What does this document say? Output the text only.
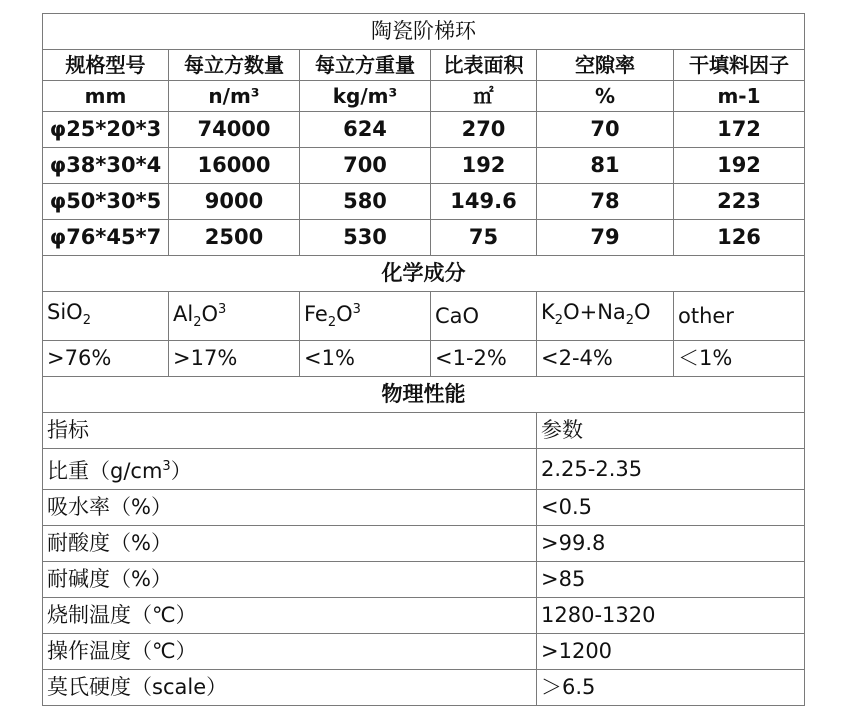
陶瓷阶梯环					
规格型号	每立方数量	每立方重量	比表面积	空隙率	干填料因子
mm	n/m³	kg/m³	㎡	%	m-1
φ25*20*3	74000	624	270	70	172
φ38*30*4	16000	700	192	81	192
φ50*30*5	9000	580	149.6	78	223
φ76*45*7	2500	530	75	79	126
化学成分					
SiO$_2$	$Al_2O^3$	$Fe_2O^3$	CaO	$K_2O+Na_2O$	other
>76%	>17%	<1%	<1-2%	<2-4%	＜1%
物理性能					
指标				参数	
比重$(g/cm^3)$				2.25-2.35	
吸水率（%）				<0.5	
耐酸度（%）				>99.8	
耐碱度（%）				>85	
烧制温度（℃）				1280-1320	
操作温度（℃）				>1200	
莫氏硬度（scale）				＞6.5	
